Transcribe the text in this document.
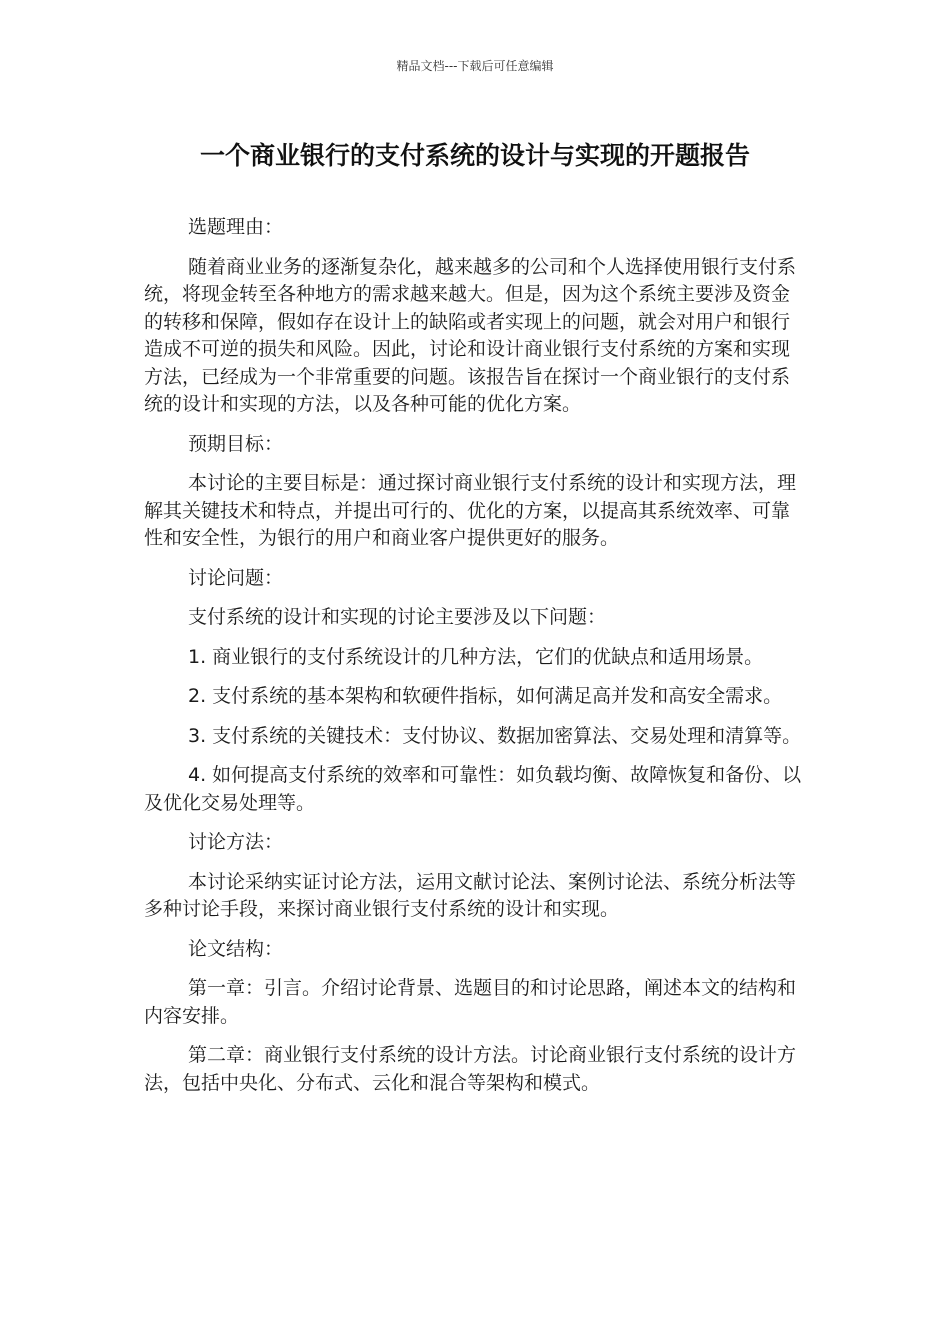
精品文档---下载后可任意编辑
一个商业银行的支付系统的设计与实现的开题报告

选题理由：

随着商业业务的逐渐复杂化，越来越多的公司和个人选择使用银行支付系统，将现金转至各种地方的需求越来越大。但是，因为这个系统主要涉及资金的转移和保障，假如存在设计上的缺陷或者实现上的问题，就会对用户和银行造成不可逆的损失和风险。因此，讨论和设计商业银行支付系统的方案和实现方法，已经成为一个非常重要的问题。该报告旨在探讨一个商业银行的支付系统的设计和实现的方法，以及各种可能的优化方案。

预期目标：

本讨论的主要目标是：通过探讨商业银行支付系统的设计和实现方法，理解其关键技术和特点，并提出可行的、优化的方案，以提高其系统效率、可靠性和安全性，为银行的用户和商业客户提供更好的服务。

讨论问题：

支付系统的设计和实现的讨论主要涉及以下问题：

1. 商业银行的支付系统设计的几种方法，它们的优缺点和适用场景。

2. 支付系统的基本架构和软硬件指标，如何满足高并发和高安全需求。

3. 支付系统的关键技术：支付协议、数据加密算法、交易处理和清算等。

4. 如何提高支付系统的效率和可靠性：如负载均衡、故障恢复和备份、以及优化交易处理等。

讨论方法：

本讨论采纳实证讨论方法，运用文献讨论法、案例讨论法、系统分析法等多种讨论手段，来探讨商业银行支付系统的设计和实现。

论文结构：

第一章：引言。介绍讨论背景、选题目的和讨论思路，阐述本文的结构和内容安排。

第二章：商业银行支付系统的设计方法。讨论商业银行支付系统的设计方法，包括中央化、分布式、云化和混合等架构和模式。
